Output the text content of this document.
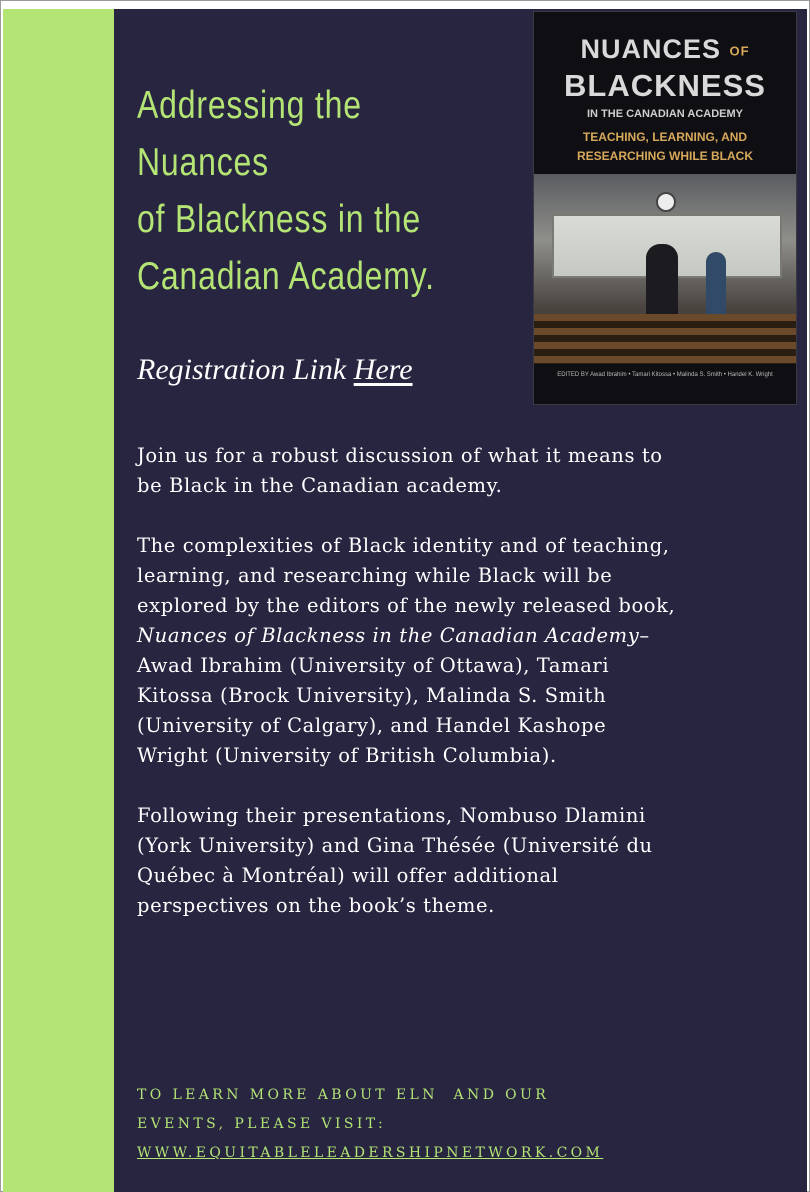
Addressing the
Nuances
of Blackness in the
Canadian Academy.
Registration Link Here
NUANCES OF
BLACKNESS
IN THE CANADIAN ACADEMY
TEACHING, LEARNING, AND
RESEARCHING WHILE BLACK
EDITED BY Awad Ibrahim • Tamari Kitossa • Malinda S. Smith • Handel K. Wright

Join us for a robust discussion of what it means to be Black in the Canadian academy.

The complexities of Black identity and of teaching, learning, and researching while Black will be explored by the editors of the newly released book, Nuances of Blackness in the Canadian Academy– Awad Ibrahim (University of Ottawa), Tamari Kitossa (Brock University), Malinda S. Smith (University of Calgary), and Handel Kashope Wright (University of British Columbia).

Following their presentations, Nombuso Dlamini (York University) and Gina Thésée (Université du Québec à Montréal) will offer additional perspectives on the book’s theme.

TO LEARN MORE ABOUT ELN  AND OUR
EVENTS, PLEASE VISIT:
WWW.EQUITABLELEADERSHIPNETWORK.COM
